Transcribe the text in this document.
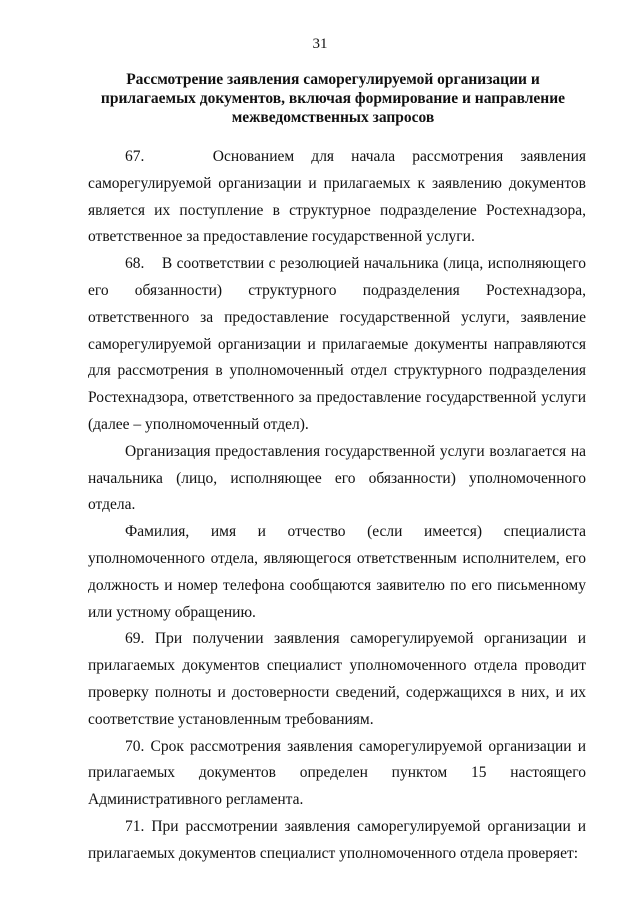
31
Рассмотрение заявления саморегулируемой организации и прилагаемых документов, включая формирование и направление межведомственных запросов

67.    Основанием для начала рассмотрения заявления саморегулируемой организации и прилагаемых к заявлению документов является их поступление в структурное подразделение Ростехнадзора, ответственное за предоставление государственной услуги.

68.    В соответствии с резолюцией начальника (лица, исполняющего его обязанности) структурного подразделения Ростехнадзора, ответственного за предоставление государственной услуги, заявление саморегулируемой организации и прилагаемые документы направляются для рассмотрения в уполномоченный отдел структурного подразделения Ростехнадзора, ответственного за предоставление государственной услуги (далее – уполномоченный отдел).

Организация предоставления государственной услуги возлагается на начальника (лицо, исполняющее его обязанности) уполномоченного отдела.

Фамилия, имя и отчество (если имеется) специалиста уполномоченного отдела, являющегося ответственным исполнителем, его должность и номер телефона сообщаются заявителю по его письменному или устному обращению.

69. При получении заявления саморегулируемой организации и прилагаемых документов специалист уполномоченного отдела проводит проверку полноты и достоверности сведений, содержащихся в них, и их соответствие установленным требованиям.

70. Срок рассмотрения заявления саморегулируемой организации и прилагаемых документов определен пунктом 15 настоящего Административного регламента.

71. При рассмотрении заявления саморегулируемой организации и прилагаемых документов специалист уполномоченного отдела проверяет:
